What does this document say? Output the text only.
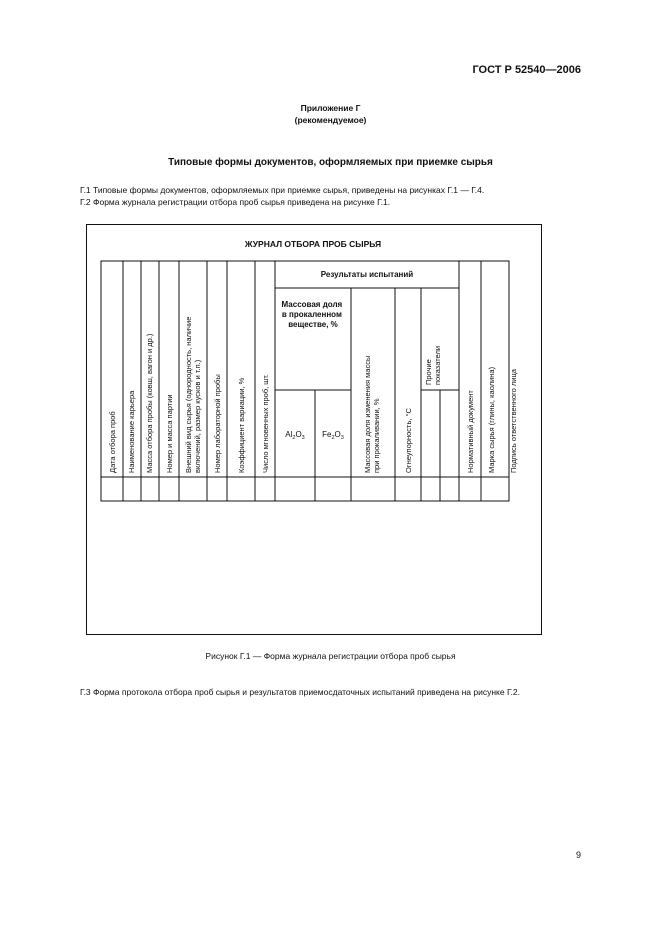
ГОСТ Р 52540—2006
Приложение Г
(рекомендуемое)
Типовые формы документов, оформляемых при приемке сырья
Г.1 Типовые формы документов, оформляемых при приемке сырья, приведены на рисунках Г.1 — Г.4.
Г.2 Форма журнала регистрации отбора проб сырья приведена на рисунке Г.1.
ЖУРНАЛ ОТБОРА ПРОБ СЫРЬЯ
Результаты испытаний
Массовая доля в прокаленном веществе, %
$Al_2O_3$ $Fe_2O_3$
Дата отбора проб Наименование карьера Масса отбора пробы (ковш, вагон и др.) Номер и масса партии Внешний вид сырья (однородность, наличие включений, размер кусков и т.п.) Номер лабораторной пробы Коэффициент вариации, % Число мгновенных проб, шт.	Массовая доля изменения массы при прокаливании, %	Огнеупорность, °С
Прочие показатели
Нормативный документ Марка сырья (глины, каолина) Подпись ответственного лица
Рисунок Г.1 — Форма журнала регистрации отбора проб сырья
Г.3 Форма протокола отбора проб сырья и результатов приемосдаточных испытаний приведена на рисунке Г.2.
9
